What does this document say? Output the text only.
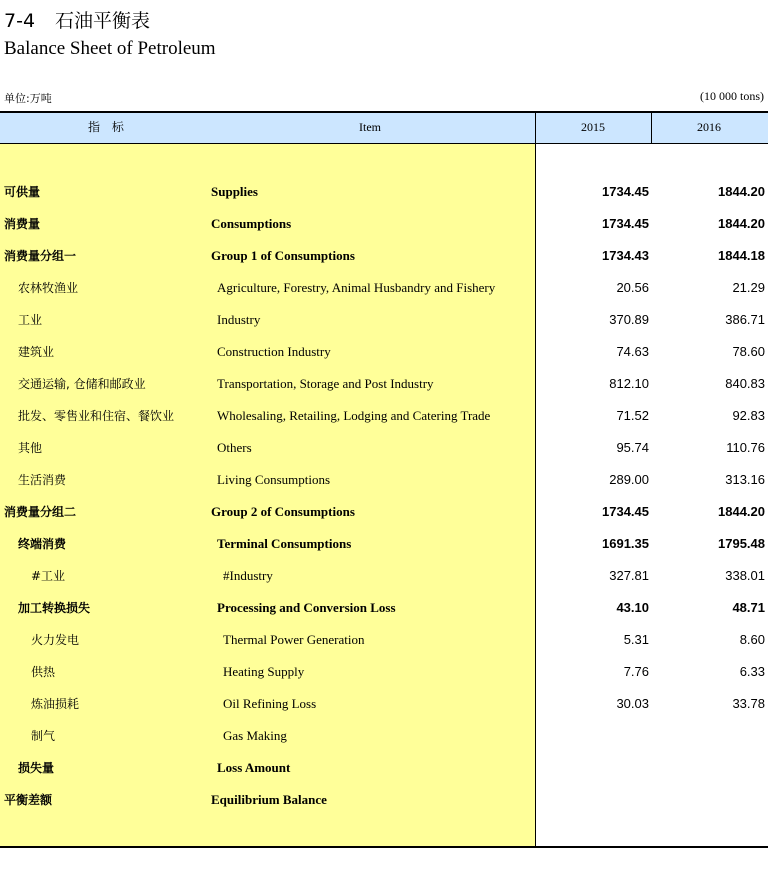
7-4 石油平衡表
Balance Sheet of Petroleum
单位:万吨	(10 000 tons)
指 标	Item	2015	2016
可供量	Supplies	1734.45	1844.20
消费量	Consumptions	1734.45	1844.20
消费量分组一	Group 1 of Consumptions	1734.43	1844.18
农林牧渔业	Agriculture, Forestry, Animal Husbandry and Fishery	20.56	21.29
工业	Industry	370.89	386.71
建筑业	Construction Industry	74.63	78.60
交通运输, 仓储和邮政业	Transportation, Storage and Post Industry	812.10	840.83
批发、零售业和住宿、餐饮业	Wholesaling, Retailing, Lodging and Catering Trade	71.52	92.83
其他	Others	95.74	110.76
生活消费	Living Consumptions	289.00	313.16
消费量分组二	Group 2 of Consumptions	1734.45	1844.20
终端消费	Terminal Consumptions	1691.35	1795.48
#工业	#Industry	327.81	338.01
加工转换损失	Processing and Conversion Loss	43.10	48.71
火力发电	Thermal Power Generation	5.31	8.60
供热	Heating Supply	7.76	6.33
炼油损耗	Oil Refining Loss	30.03	33.78
制气	Gas Making
损失量	Loss Amount
平衡差额	Equilibrium Balance
